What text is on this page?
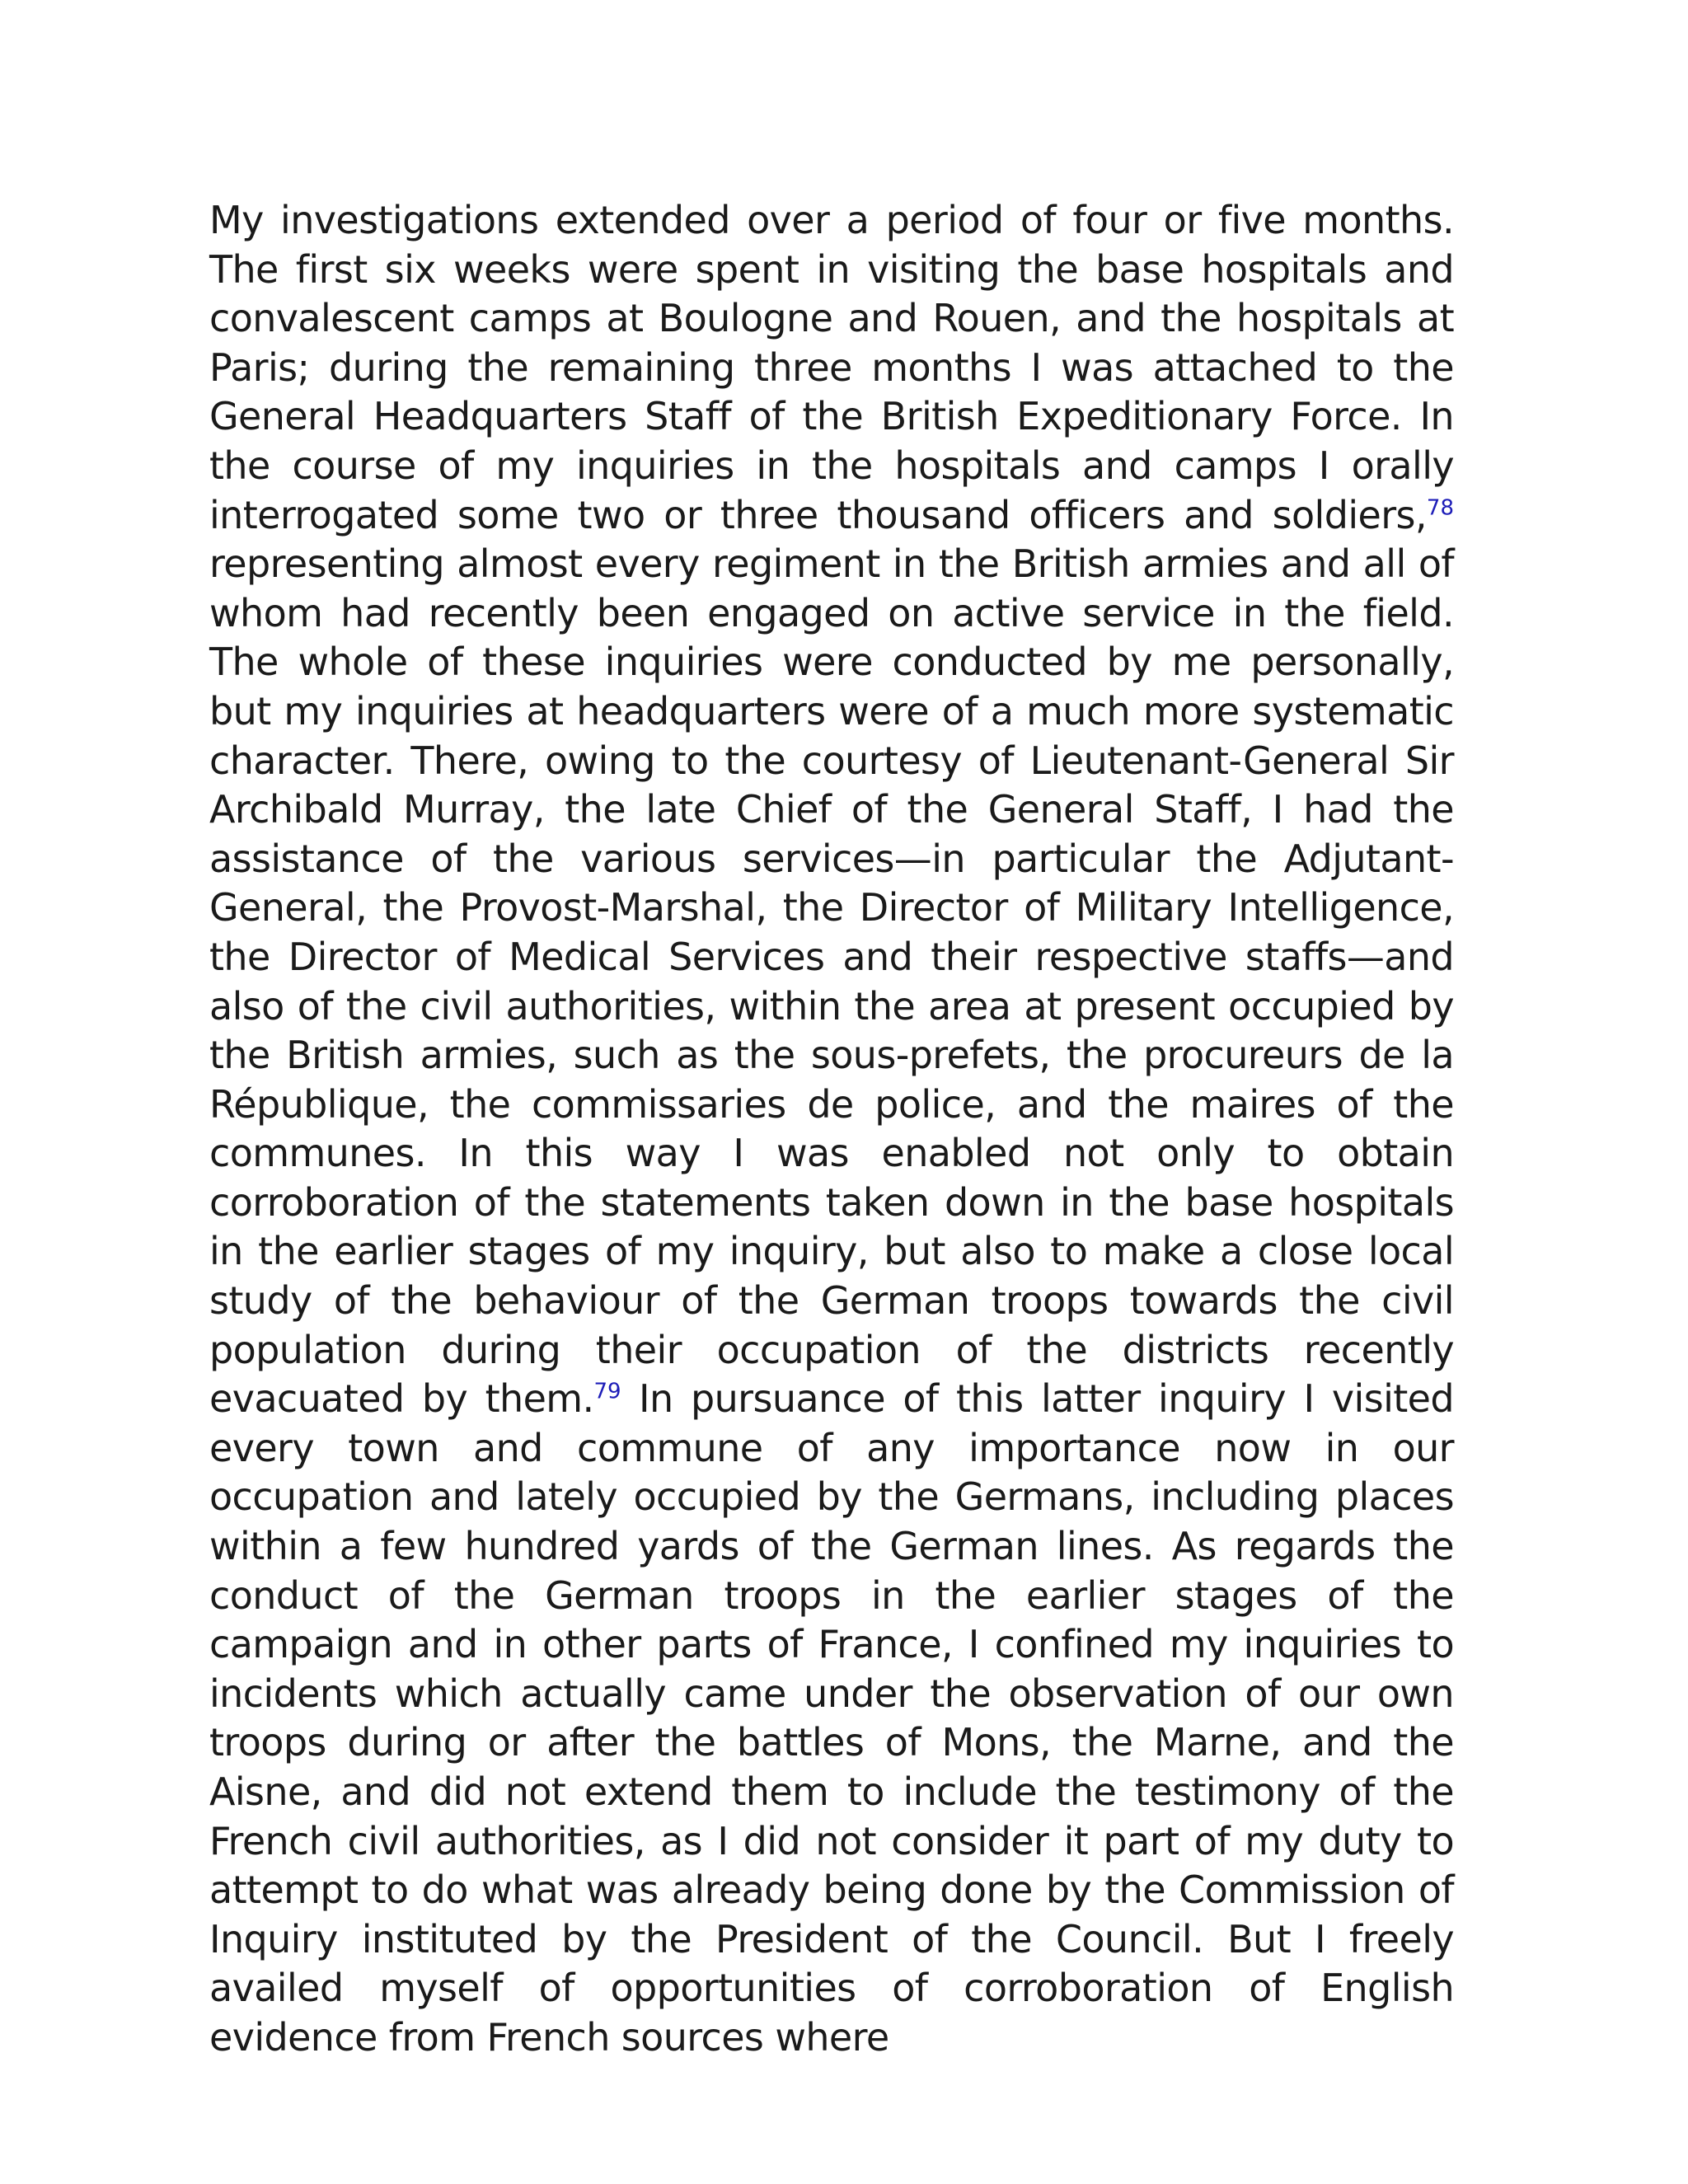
My investigations extended over a period of four or five months. The first six weeks were spent in visiting the base hospitals and convalescent camps at Boulogne and Rouen, and the hospitals at Paris; during the remaining three months I was attached to the General Headquarters Staff of the British Expeditionary Force. In the course of my inquiries in the hospitals and camps I orally interrogated some two or three thousand officers and soldiers,$^{78}$ representing almost every regiment in the British armies and all of whom had recently been engaged on active service in the field. The whole of these inquiries were conducted by me personally, but my inquiries at headquarters were of a much more systematic character. There, owing to the courtesy of Lieutenant-General Sir Archibald Murray, the late Chief of the General Staff, I had the assistance of the various services—in particular the Adjutant-General, the Provost-Marshal, the Director of Military Intelligence, the Director of Medical Services and their respective staffs—and also of the civil authorities, within the area at present occupied by the British armies, such as the sous-prefets, the procureurs de la République, the commissaries de police, and the maires of the communes. In this way I was enabled not only to obtain corroboration of the statements taken down in the base hospitals in the earlier stages of my inquiry, but also to make a close local study of the behaviour of the German troops towards the civil population during their occupation of the districts recently evacuated by them.$^{79}$ In pursuance of this latter inquiry I visited every town and commune of any importance now in our occupation and lately occupied by the Germans, including places within a few hundred yards of the German lines. As regards the conduct of the German troops in the earlier stages of the campaign and in other parts of France, I confined my inquiries to incidents which actually came under the observation of our own troops during or after the battles of Mons, the Marne, and the Aisne, and did not extend them to include the testimony of the French civil authorities, as I did not consider it part of my duty to attempt to do what was already being done by the Commission of Inquiry instituted by the President of the Council. But I freely availed myself of opportunities of corroboration of English evidence from French sources where
